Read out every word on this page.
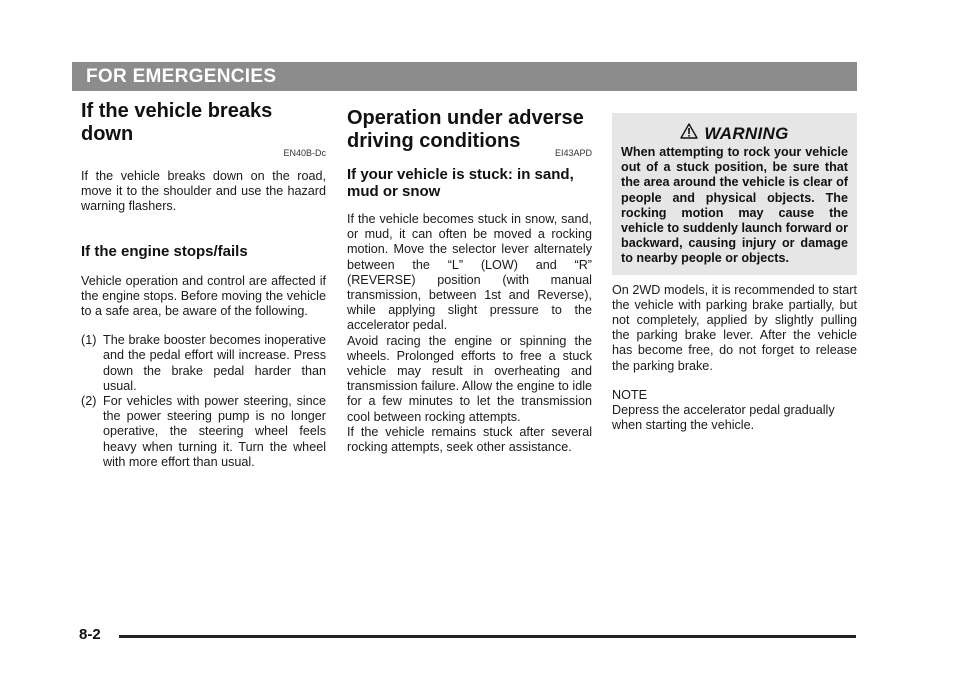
FOR EMERGENCIES
If the vehicle breaks down
EN40B-Dc

If the vehicle breaks down on the road, move it to the shoulder and use the hazard warning flashers.

If the engine stops/fails

Vehicle operation and control are affected if the engine stops. Before moving the vehicle to a safe area, be aware of the following.

(1) The brake booster becomes inoperative and the pedal effort will increase. Press down the brake pedal harder than usual.
(2) For vehicles with power steering, since the power steering pump is no longer operative, the steering wheel feels heavy when turning it. Turn the wheel with more effort than usual.
Operation under adverse
driving conditions
EI43APD
If your vehicle is stuck: in sand, mud or snow

If the vehicle becomes stuck in snow, sand, or mud, it can often be moved a rocking motion. Move the selector lever alternately between the “L” (LOW) and “R” (REVERSE) position (with manual transmission, between 1st and Reverse), while applying slight pressure to the accelerator pedal.

Avoid racing the engine or spinning the wheels. Prolonged efforts to free a stuck vehicle may result in overheating and transmission failure. Allow the engine to idle for a few minutes to let the transmission cool between rocking attempts.

If the vehicle remains stuck after several rocking attempts, seek other assistance.

WARNING

When attempting to rock your vehicle out of a stuck position, be sure that the area around the vehicle is clear of people and physical objects. The rocking motion may cause the vehicle to suddenly launch forward or backward, causing injury or damage to nearby people or objects.

On 2WD models, it is recommended to start the vehicle with parking brake partially, but not completely, applied by slightly pulling the parking brake lever. After the vehicle has become free, do not forget to release the parking brake.

NOTE

Depress the accelerator pedal gradually when starting the vehicle.

8-2
